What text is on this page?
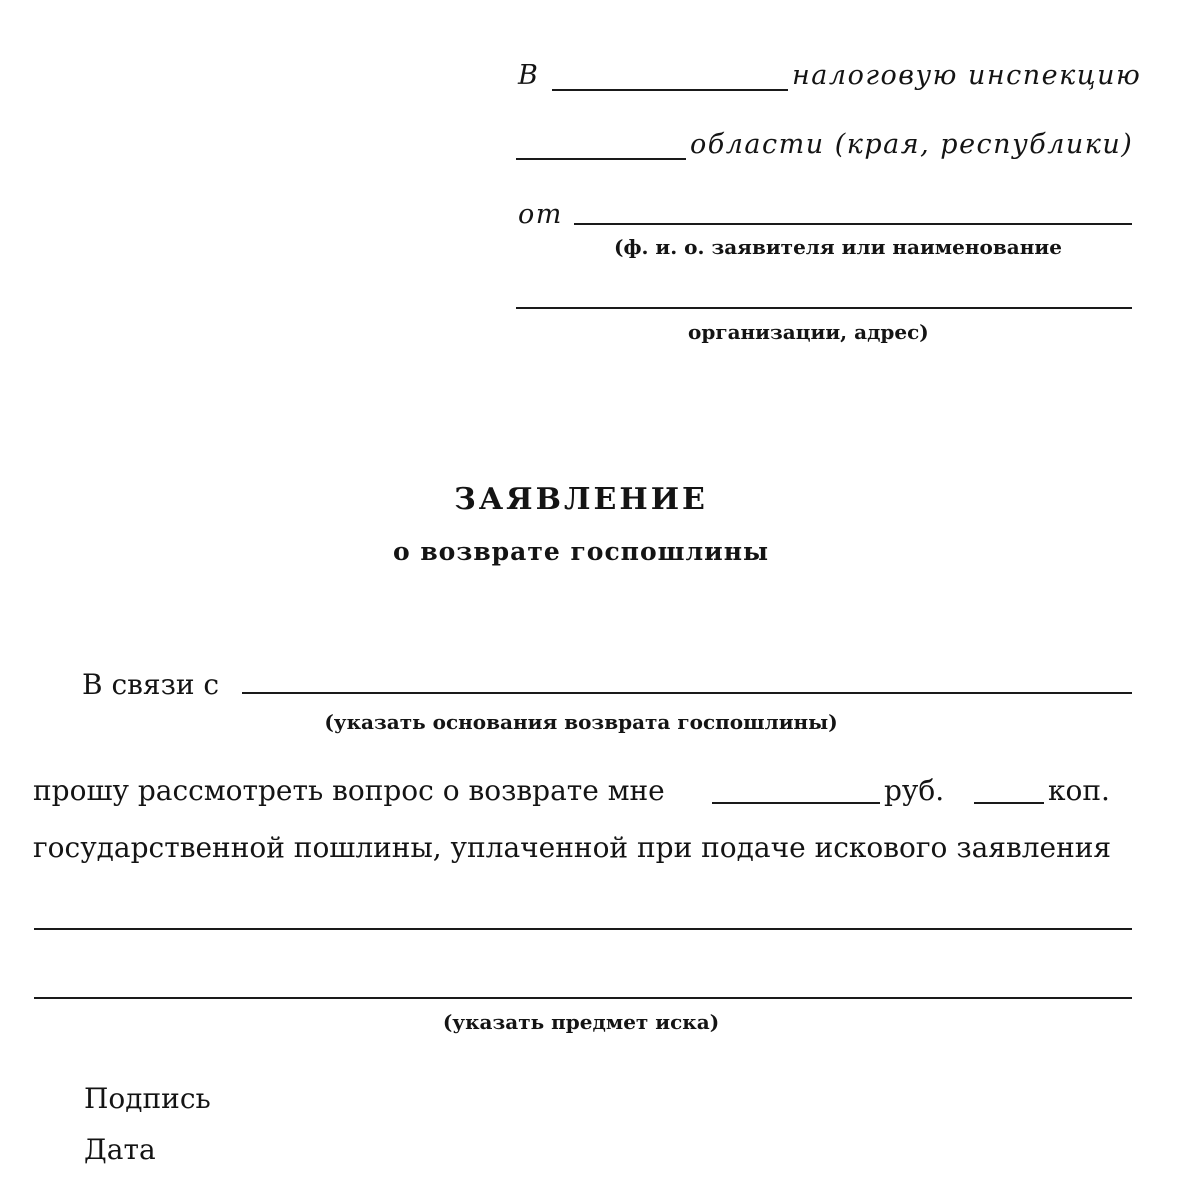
В	налоговую инспекцию
области (края, республики)
от
(ф. и. о. заявителя или наименование
организации, адрес)
ЗАЯВЛЕНИЕ
о возврате госпошлины
В связи с
(указать основания возврата госпошлины)
прошу рассмотреть вопрос о возврате мне	руб.	коп.
государственной пошлины, уплаченной при подаче искового заявления
(указать предмет иска)
Подпись
Дата
